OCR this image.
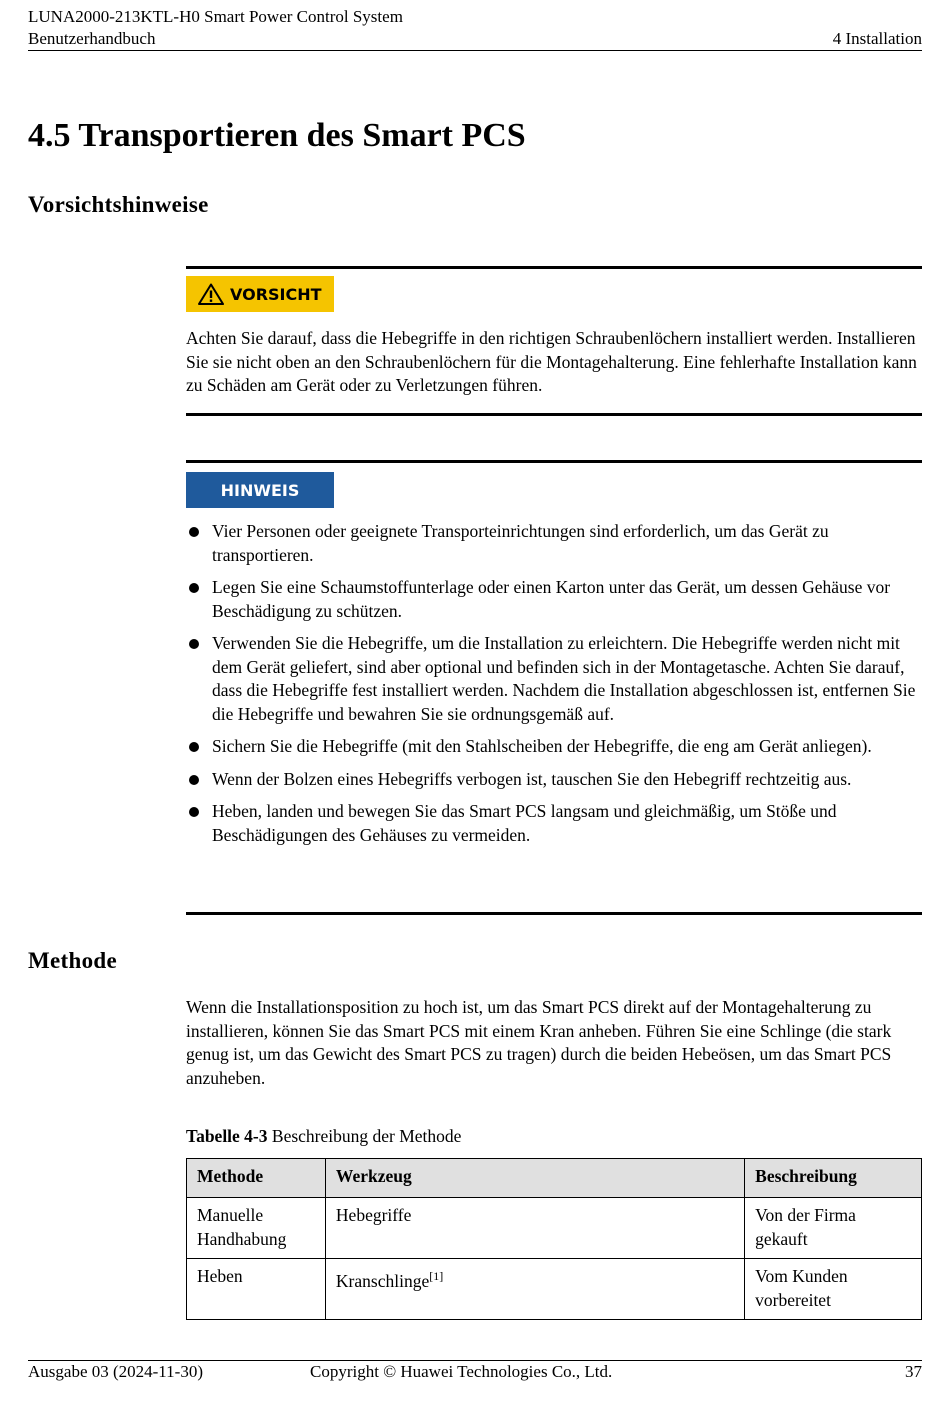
LUNA2000-213KTL-H0 Smart Power Control System
Benutzerhandbuch	4 Installation
4.5 Transportieren des Smart PCS
Vorsichtshinweise
VORSICHT
Achten Sie darauf, dass die Hebegriffe in den richtigen Schraubenlöchern installiert werden. Installieren Sie sie nicht oben an den Schraubenlöchern für die Montagehalterung. Eine fehlerhafte Installation kann zu Schäden am Gerät oder zu Verletzungen führen.
HINWEIS
Vier Personen oder geeignete Transporteinrichtungen sind erforderlich, um das Gerät zu transportieren.
Legen Sie eine Schaumstoffunterlage oder einen Karton unter das Gerät, um dessen Gehäuse vor Beschädigung zu schützen.
Verwenden Sie die Hebegriffe, um die Installation zu erleichtern. Die Hebegriffe werden nicht mit dem Gerät geliefert, sind aber optional und befinden sich in der Montagetasche. Achten Sie darauf, dass die Hebegriffe fest installiert werden. Nachdem die Installation abgeschlossen ist, entfernen Sie die Hebegriffe und bewahren Sie sie ordnungsgemäß auf.
Sichern Sie die Hebegriffe (mit den Stahlscheiben der Hebegriffe, die eng am Gerät anliegen).
Wenn der Bolzen eines Hebegriffs verbogen ist, tauschen Sie den Hebegriff rechtzeitig aus.
Heben, landen und bewegen Sie das Smart PCS langsam und gleichmäßig, um Stöße und Beschädigungen des Gehäuses zu vermeiden.
Methode
Wenn die Installationsposition zu hoch ist, um das Smart PCS direkt auf der Montagehalterung zu installieren, können Sie das Smart PCS mit einem Kran anheben. Führen Sie eine Schlinge (die stark genug ist, um das Gewicht des Smart PCS zu tragen) durch die beiden Hebeösen, um das Smart PCS anzuheben.
Tabelle 4-3 Beschreibung der Methode
Methode	Werkzeug	Beschreibung
Manuelle Handhabung	Hebegriffe	Von der Firma gekauft
Heben	Kranschlinge[1]	Vom Kunden vorbereitet
Ausgabe 03 (2024-11-30)	Copyright © Huawei Technologies Co., Ltd.	37
